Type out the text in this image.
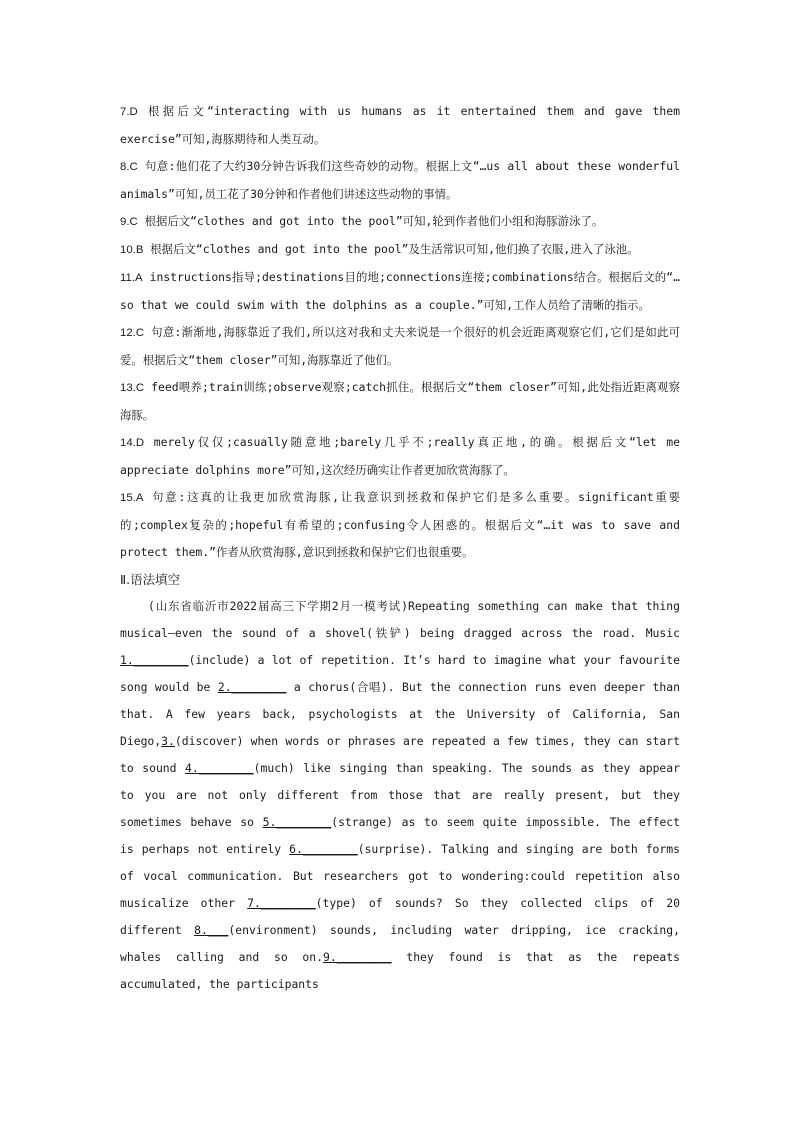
7.D 根据后文“interacting with us humans as it entertained them and gave them exercise”可知,海豚期待和人类互动。

8.C 句意:他们花了大约30分钟告诉我们这些奇妙的动物。根据上文“…us all about these wonderful animals”可知,员工花了30分钟和作者他们讲述这些动物的事情。

9.C 根据后文“clothes and got into the pool”可知,轮到作者他们小组和海豚游泳了。

10.B 根据后文“clothes and got into the pool”及生活常识可知,他们换了衣服,进入了泳池。

11.A instructions指导;destinations目的地;connections连接;combinations结合。根据后文的“…so that we could swim with the dolphins as a couple.”可知,工作人员给了清晰的指示。

12.C 句意:渐渐地,海豚靠近了我们,所以这对我和丈夫来说是一个很好的机会近距离观察它们,它们是如此可爱。根据后文“them closer”可知,海豚靠近了他们。

13.C feed喂养;train训练;observe观察;catch抓住。根据后文“them closer”可知,此处指近距离观察海豚。

14.D merely仅仅;casually随意地;barely几乎不;really真正地,的确。根据后文“let me appreciate dolphins more”可知,这次经历确实让作者更加欣赏海豚了。

15.A 句意:这真的让我更加欣赏海豚,让我意识到拯救和保护它们是多么重要。significant重要的;complex复杂的;hopeful有希望的;confusing令人困惑的。根据后文“…it was to save and protect them.”作者从欣赏海豚,意识到拯救和保护它们也很重要。

Ⅱ.语法填空

(山东省临沂市2022届高三下学期2月一模考试)Repeating something can make that thing musical—even the sound of a shovel(铁铲) being dragged across the road. Music 1.________(include) a lot of repetition. It’s hard to imagine what your favourite song would be 2.________ a chorus(合唱). But the connection runs even deeper than that. A few years back, psychologists at the University of California, San Diego,3.(discover) when words or phrases are repeated a few times, they can start to sound 4.________(much) like singing than speaking. The sounds as they appear to you are not only different from those that are really present, but they sometimes behave so 5.________(strange) as to seem quite impossible. The effect is perhaps not entirely 6.________(surprise). Talking and singing are both forms of vocal communication. But researchers got to wondering:could repetition also musicalize other 7.________(type) of sounds? So they collected clips of 20 different 8.___(environment) sounds, including water dripping, ice cracking, whales calling and so on.9.________ they found is that as the repeats accumulated, the participants
